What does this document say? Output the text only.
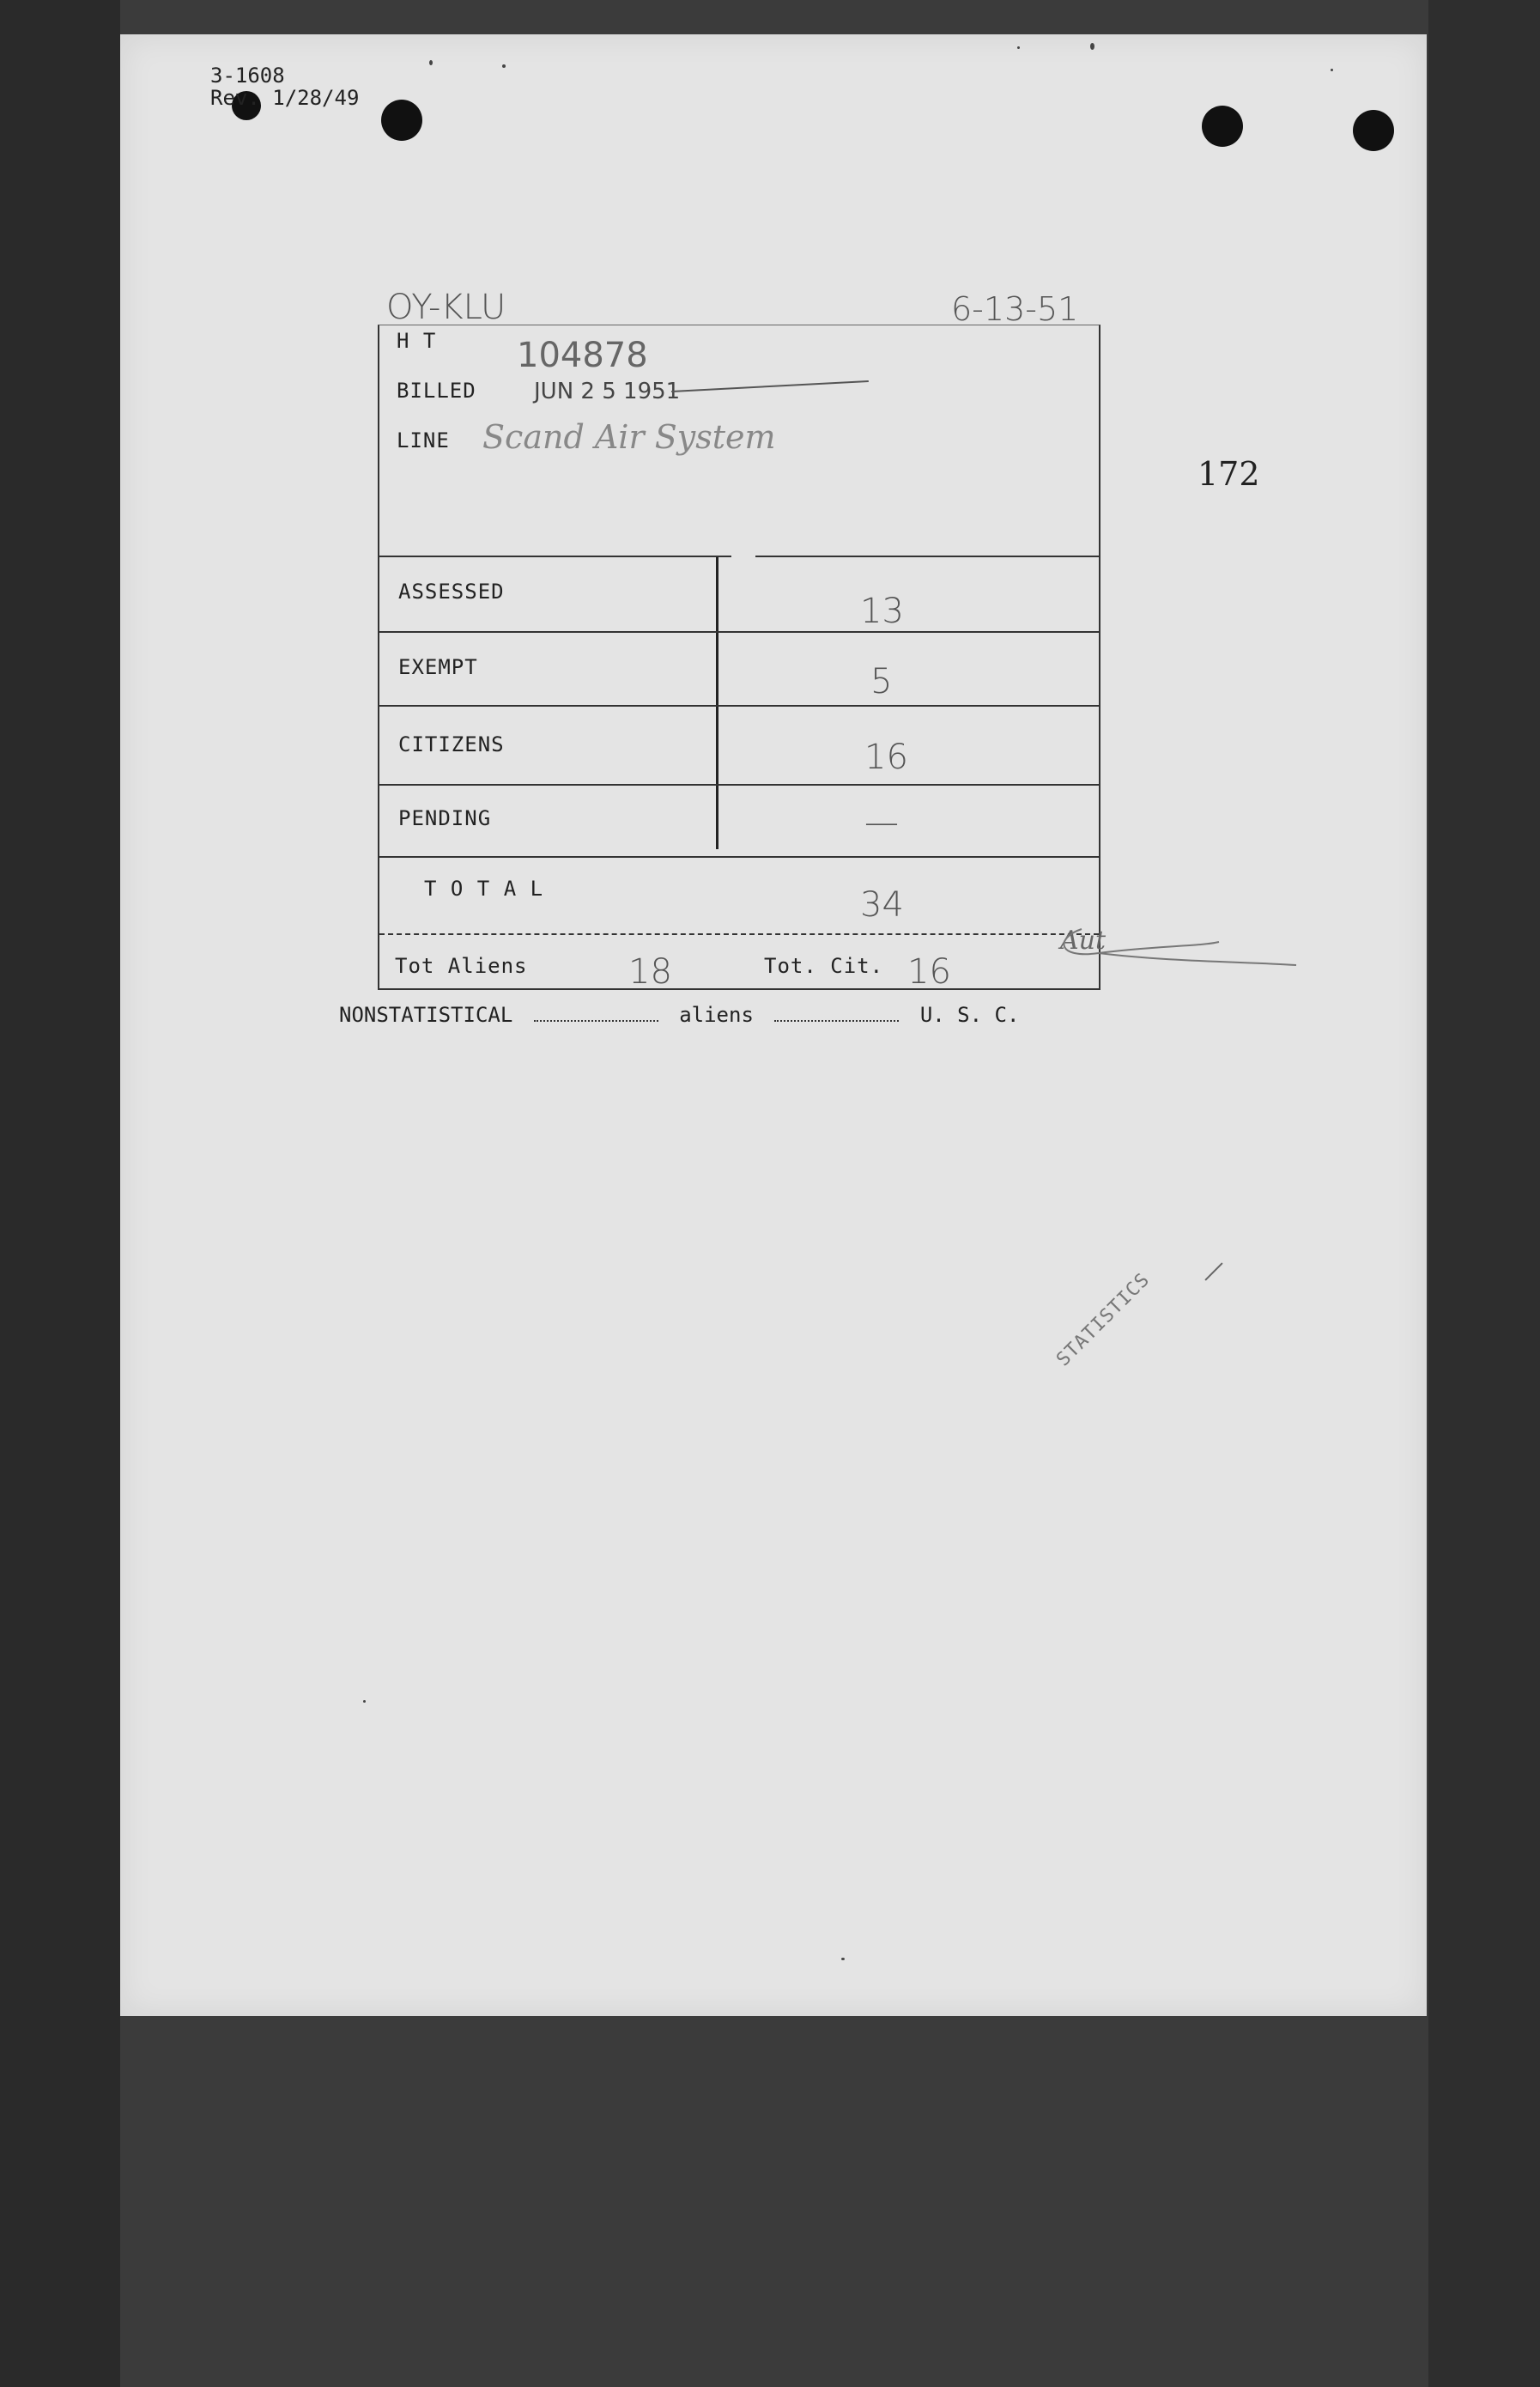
3-1608
Rev. 1/28/49
OY-KLU	6-13-51
172
H T 104878
BILLED	JUN 2 5 1951
LINE Scand Air System
ASSESSED	13
EXEMPT	5
CITIZENS	16
PENDING	—
T O T A L	34
Tot Aliens	18	Tot. Cit. 16
Aut
NONSTATISTICAL	aliens	U. S. C.
STATISTICS
